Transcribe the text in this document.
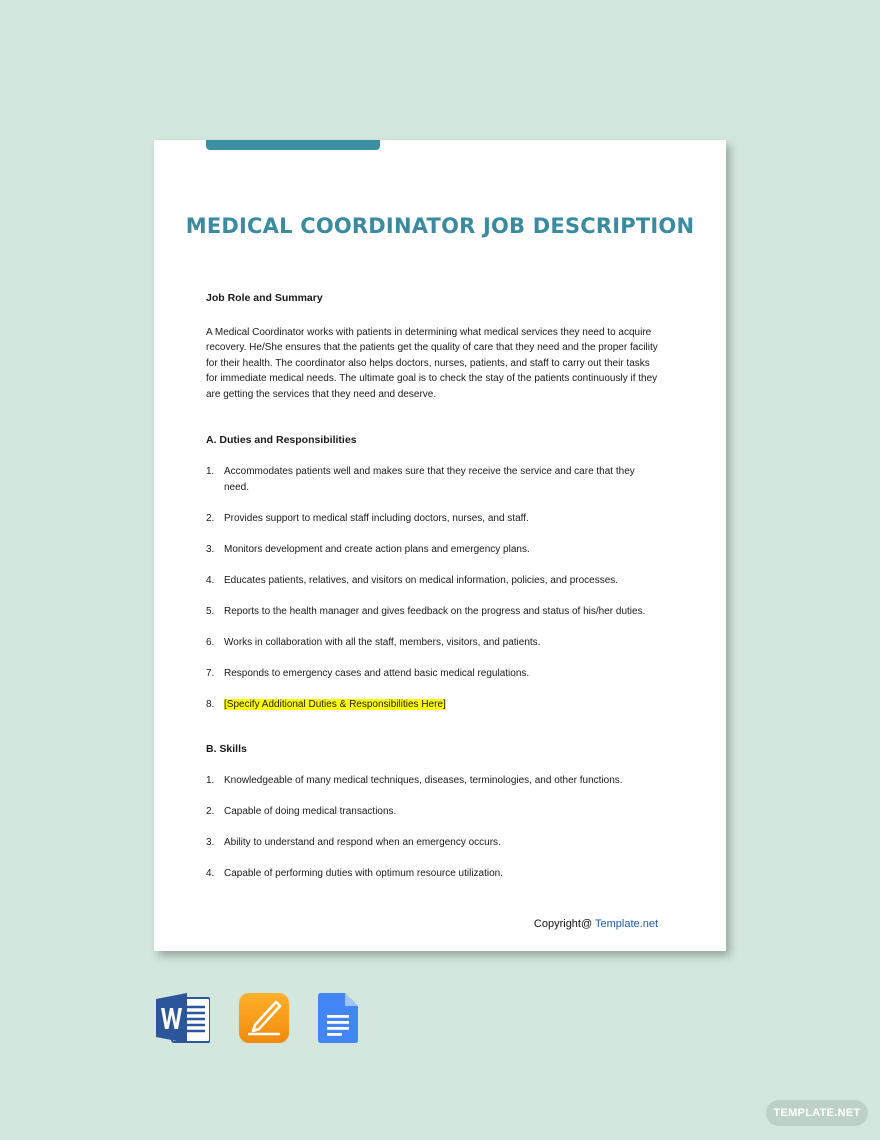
MEDICAL COORDINATOR JOB DESCRIPTION

Job Role and Summary

A Medical Coordinator works with patients in determining what medical services they need to acquire recovery. He/She ensures that the patients get the quality of care that they need and the proper facility for their health. The coordinator also helps doctors, nurses, patients, and staff to carry out their tasks for immediate medical needs. The ultimate goal is to check the stay of the patients continuously if they are getting the services that they need and deserve.

A. Duties and Responsibilities

1. Accommodates patients well and makes sure that they receive the service and care that they need.
2. Provides support to medical staff including doctors, nurses, and staff.
3. Monitors development and create action plans and emergency plans.
4. Educates patients, relatives, and visitors on medical information, policies, and processes.
5. Reports to the health manager and gives feedback on the progress and status of his/her duties.
6. Works in collaboration with all the staff, members, visitors, and patients.
7. Responds to emergency cases and attend basic medical regulations.
8. [Specify Additional Duties & Responsibilities Here]

B. Skills

1. Knowledgeable of many medical techniques, diseases, terminologies, and other functions.
2. Capable of doing medical transactions.
3. Ability to understand and respond when an emergency occurs.
4. Capable of performing duties with optimum resource utilization.
Copyright@ Template.net
TEMPLATE.NET
